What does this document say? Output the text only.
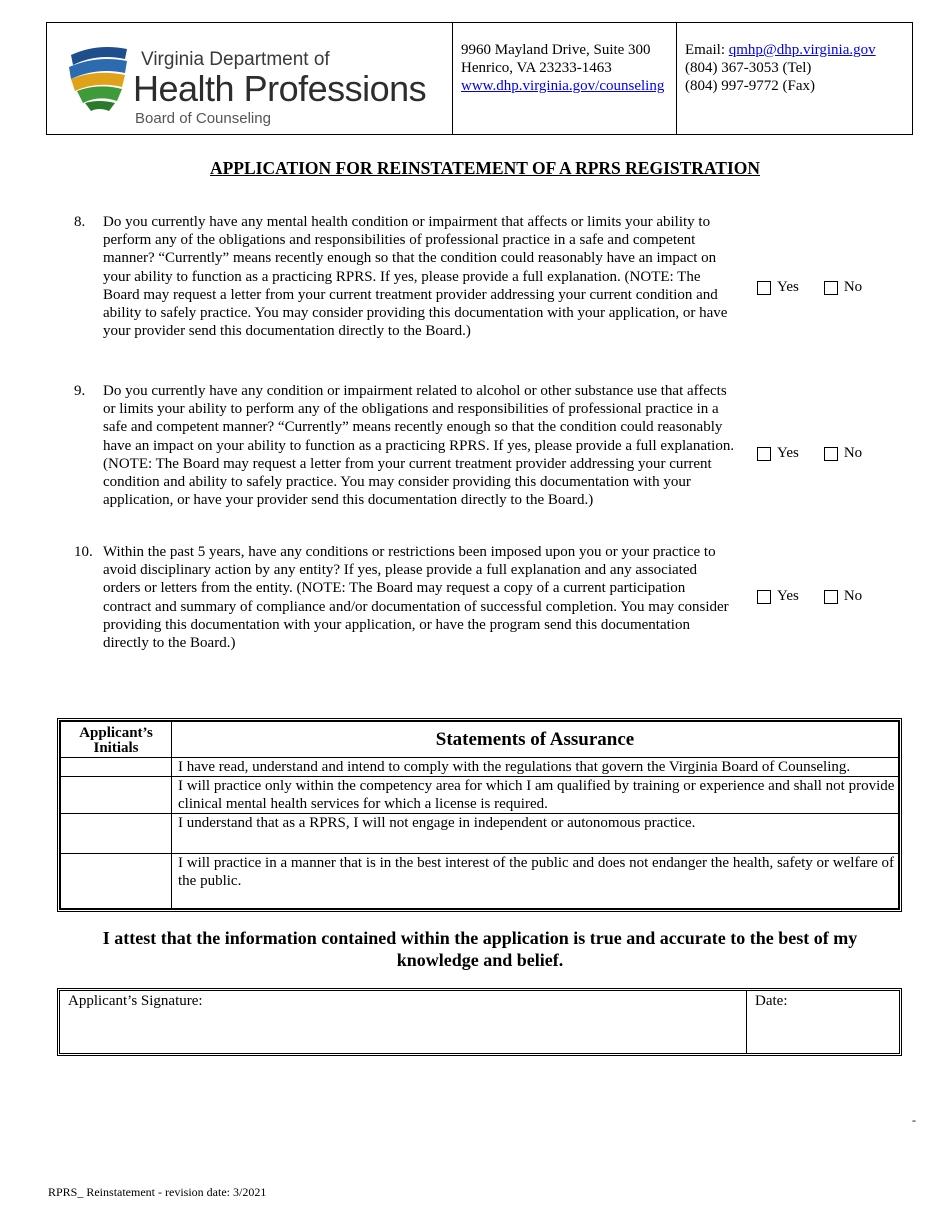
Virginia Department of
Health Professions
Board of Counseling
9960 Mayland Drive, Suite 300
Henrico, VA 23233-1463
www.dhp.virginia.gov/counseling
Email: qmhp@dhp.virginia.gov
(804) 367-3053 (Tel)
(804) 997-9772 (Fax)
APPLICATION FOR REINSTATEMENT OF A RPRS REGISTRATION
8. Do you currently have any mental health condition or impairment that affects or limits your ability to perform any of the obligations and responsibilities of professional practice in a safe and competent manner? “Currently” means recently enough so that the condition could reasonably have an impact on your ability to function as a practicing RPRS. If yes, please provide a full explanation. (NOTE: The Board may request a letter from your current treatment provider addressing your current condition and ability to safely practice. You may consider providing this documentation with your application, or have your provider send this documentation directly to the Board.)
Yes	No
9. Do you currently have any condition or impairment related to alcohol or other substance use that affects or limits your ability to perform any of the obligations and responsibilities of professional practice in a safe and competent manner? “Currently” means recently enough so that the condition could reasonably have an impact on your ability to function as a practicing RPRS. If yes, please provide a full explanation. (NOTE: The Board may request a letter from your current treatment provider addressing your current condition and ability to safely practice. You may consider providing this documentation with your application, or have your provider send this documentation directly to the Board.)
Yes	No
10. Within the past 5 years, have any conditions or restrictions been imposed upon you or your practice to avoid disciplinary action by any entity? If yes, please provide a full explanation and any associated orders or letters from the entity. (NOTE: The Board may request a copy of a current participation contract and summary of compliance and/or documentation of successful completion. You may consider providing this documentation with your application, or have the program send this documentation directly to the Board.)
Yes	No
Applicant’s Initials	Statements of Assurance
	I have read, understand and intend to comply with the regulations that govern the Virginia Board of Counseling.
	I will practice only within the competency area for which I am qualified by training or experience and shall not provide clinical mental health services for which a license is required.
	I understand that as a RPRS, I will not engage in independent or autonomous practice.
	I will practice in a manner that is in the best interest of the public and does not endanger the health, safety or welfare of the public.
I attest that the information contained within the application is true and accurate to the best of my knowledge and belief.
Applicant’s Signature:	Date:
-
RPRS_ Reinstatement - revision date: 3/2021
